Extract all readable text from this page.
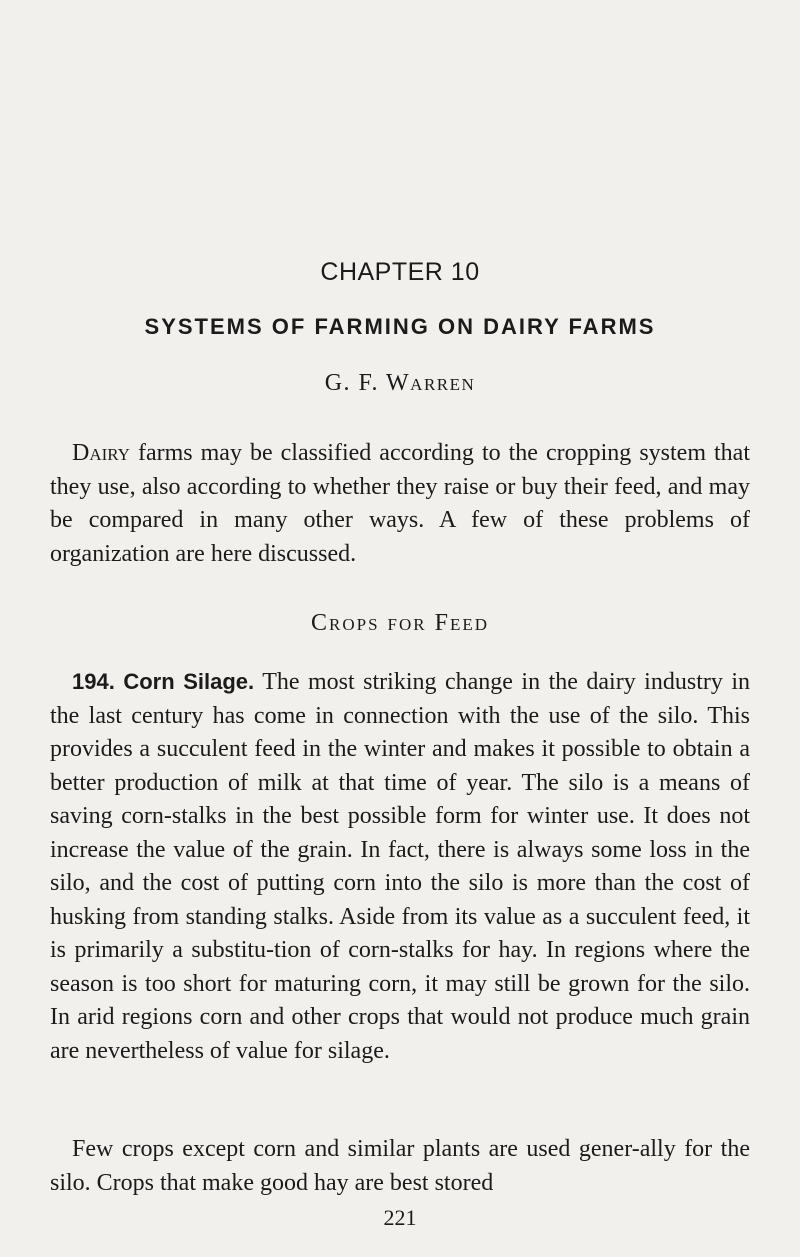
CHAPTER 10
SYSTEMS OF FARMING ON DAIRY FARMS
G. F. Warren

Dairy farms may be classified according to the cropping system that they use, also according to whether they raise or buy their feed, and may be compared in many other ways. A few of these problems of organization are here discussed.

Crops for Feed

194. Corn Silage. The most striking change in the dairy industry in the last century has come in connection with the use of the silo. This provides a succulent feed in the winter and makes it possible to obtain a better production of milk at that time of year. The silo is a means of saving corn-stalks in the best possible form for winter use. It does not increase the value of the grain. In fact, there is always some loss in the silo, and the cost of putting corn into the silo is more than the cost of husking from standing stalks. Aside from its value as a succulent feed, it is primarily a substitu-tion of corn-stalks for hay. In regions where the season is too short for maturing corn, it may still be grown for the silo. In arid regions corn and other crops that would not produce much grain are nevertheless of value for silage.

Few crops except corn and similar plants are used gener-ally for the silo. Crops that make good hay are best stored

221
